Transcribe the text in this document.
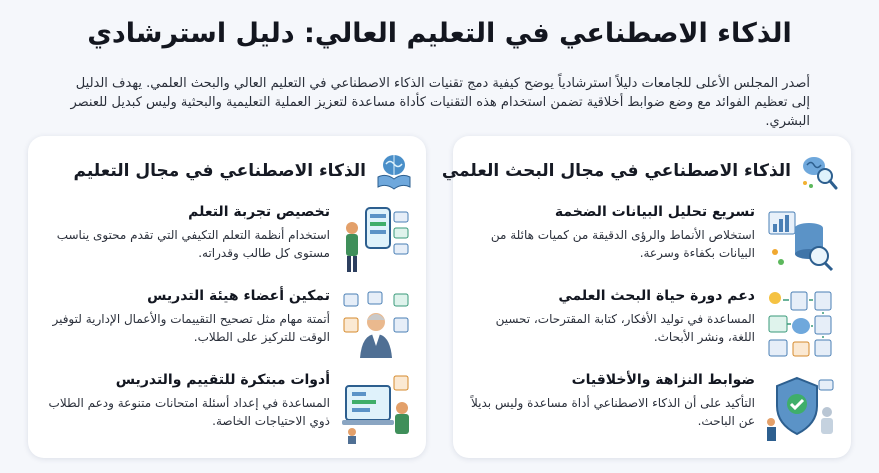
الذكاء الاصطناعي في التعليم العالي: دليل استرشادي
أصدر المجلس الأعلى للجامعات دليلاً استرشادياً يوضح كيفية دمج تقنيات الذكاء الاصطناعي في التعليم العالي والبحث العلمي. يهدف الدليل إلى تعظيم الفوائد مع وضع ضوابط أخلاقية تضمن استخدام هذه التقنيات كأداة مساعدة لتعزيز العملية التعليمية والبحثية وليس كبديل للعنصر البشري.
الذكاء الاصطناعي في مجال البحث العلمي
تسريع تحليل البيانات الضخمة
استخلاص الأنماط والرؤى الدقيقة من كميات هائلة من البيانات بكفاءة وسرعة.
دعم دورة حياة البحث العلمي
المساعدة في توليد الأفكار، كتابة المقترحات، تحسين اللغة، ونشر الأبحاث.
ضوابط النزاهة والأخلاقيات
التأكيد على أن الذكاء الاصطناعي أداة مساعدة وليس بديلاً عن الباحث.
الذكاء الاصطناعي في مجال التعليم
تخصيص تجربة التعلم
استخدام أنظمة التعلم التكيفي التي تقدم محتوى يناسب مستوى كل طالب وقدراته.
تمكين أعضاء هيئة التدريس
أتمتة مهام مثل تصحيح التقييمات والأعمال الإدارية لتوفير الوقت للتركيز على الطلاب.
أدوات مبتكرة للتقييم والتدريس
المساعدة في إعداد أسئلة امتحانات متنوعة ودعم الطلاب ذوي الاحتياجات الخاصة.
